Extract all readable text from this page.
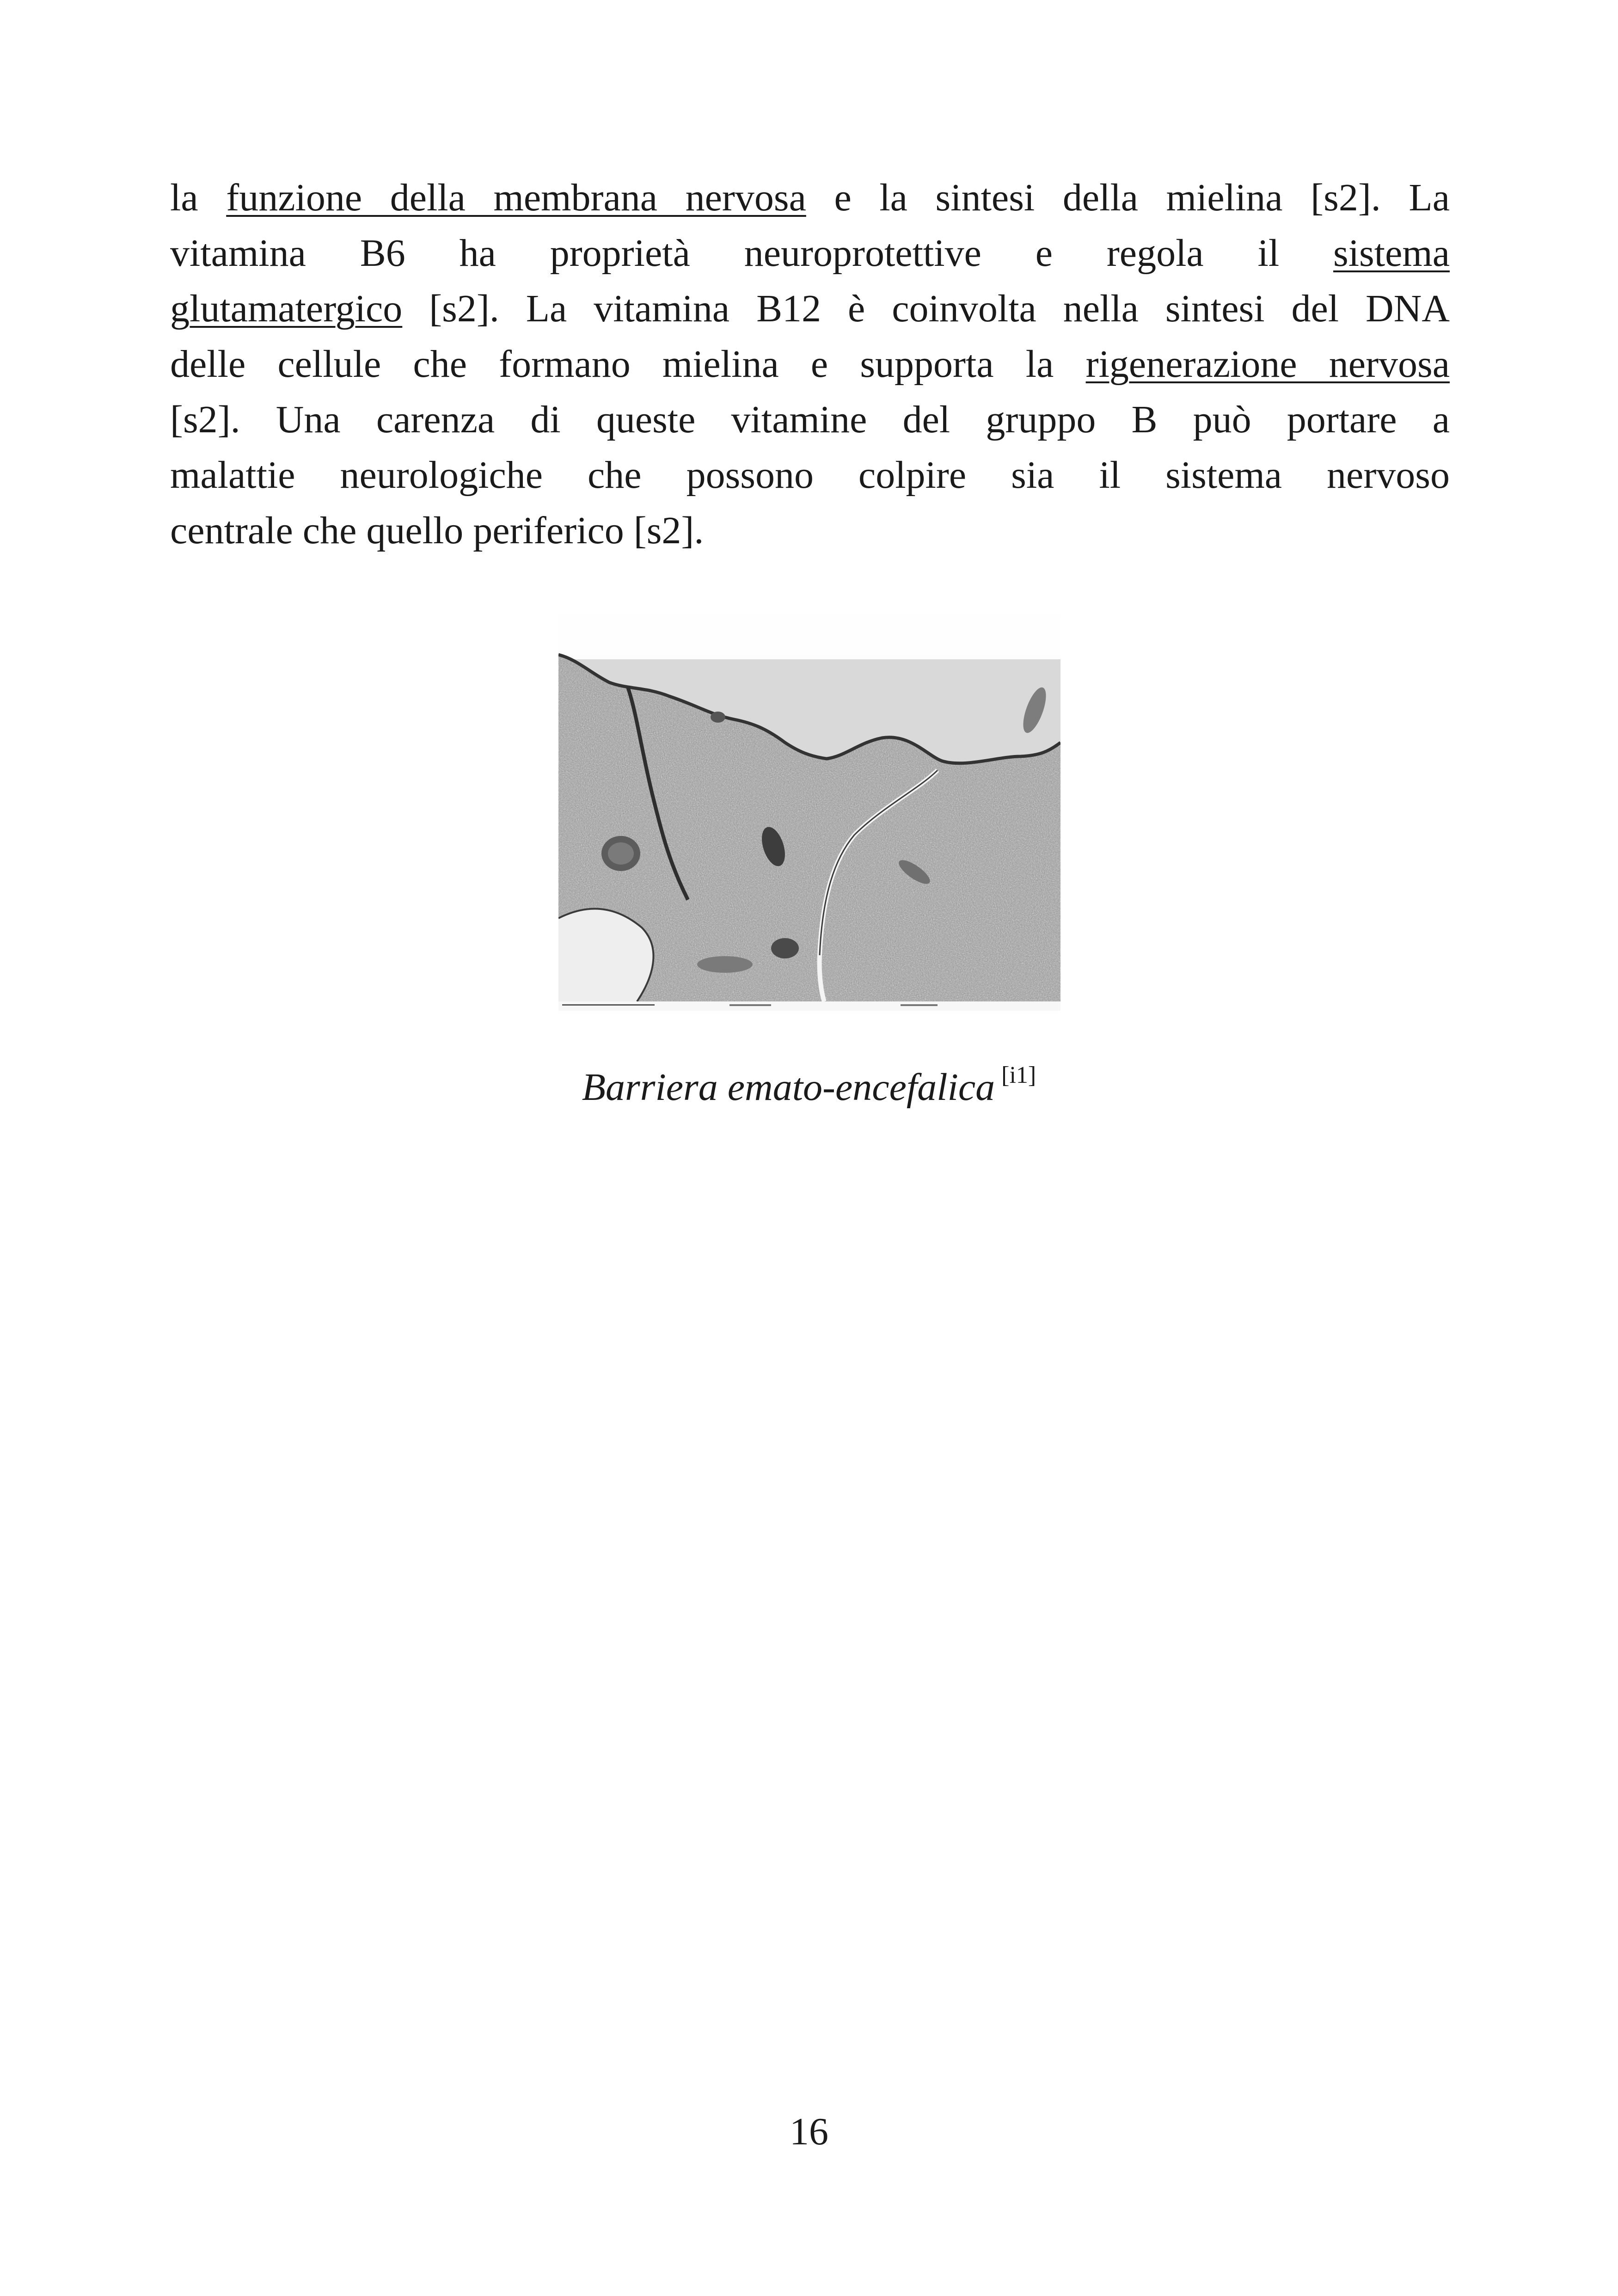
la funzione della membrana nervosa e la sintesi della mielina [s2]. La
vitamina B6 ha proprietà neuroprotettive e regola il sistema
glutamatergico [s2]. La vitamina B12 è coinvolta nella sintesi del DNA
delle cellule che formano mielina e supporta la rigenerazione nervosa
[s2]. Una carenza di queste vitamine del gruppo B può portare a
malattie neurologiche che possono colpire sia il sistema nervoso
centrale che quello periferico [s2].
Barriera emato-encefalica [i1]
16
